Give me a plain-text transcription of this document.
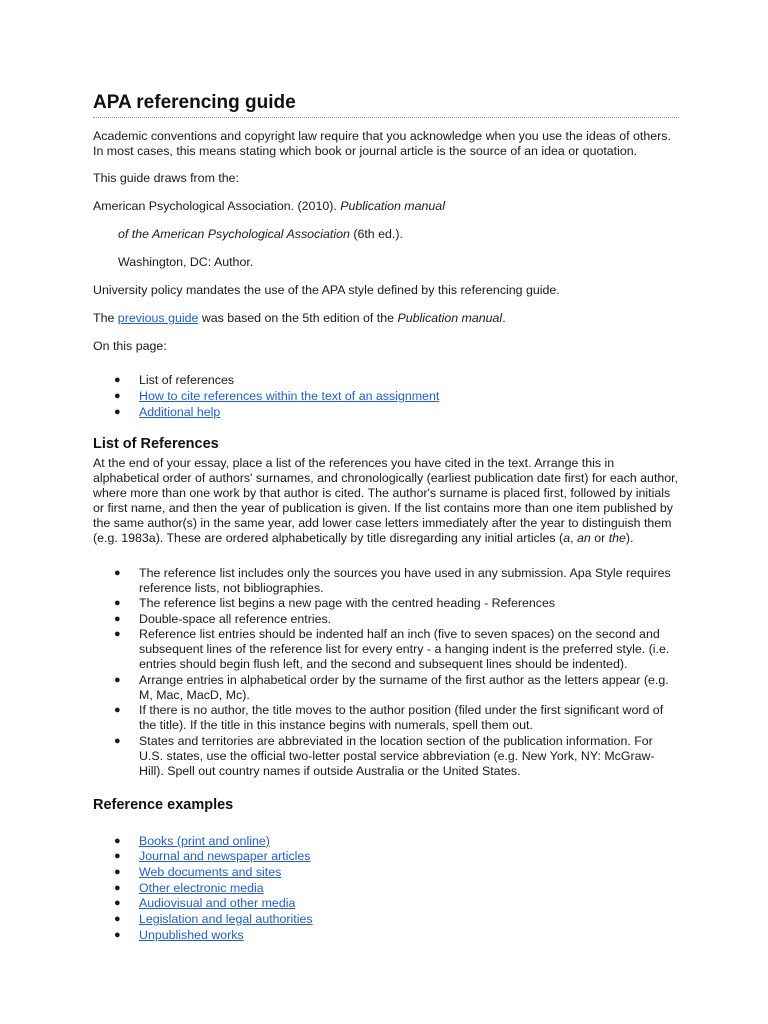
APA referencing guide

Academic conventions and copyright law require that you acknowledge when you use the ideas of others. In most cases, this means stating which book or journal article is the source of an idea or quotation.

This guide draws from the:

American Psychological Association. (2010). Publication manual

of the American Psychological Association (6th ed.).

Washington, DC: Author.

University policy mandates the use of the APA style defined by this referencing guide.

The previous guide was based on the 5th edition of the Publication manual.

On this page:

● List of references
● How to cite references within the text of an assignment
● Additional help
List of References

At the end of your essay, place a list of the references you have cited in the text. Arrange this in alphabetical order of authors' surnames, and chronologically (earliest publication date first) for each author, where more than one work by that author is cited. The author's surname is placed first, followed by initials or first name, and then the year of publication is given. If the list contains more than one item published by the same author(s) in the same year, add lower case letters immediately after the year to distinguish them (e.g. 1983a). These are ordered alphabetically by title disregarding any initial articles (a, an or the).

● The reference list includes only the sources you have used in any submission. Apa Style requires reference lists, not bibliographies.
● The reference list begins a new page with the centred heading - References
● Double-space all reference entries.
● Reference list entries should be indented half an inch (five to seven spaces) on the second and subsequent lines of the reference list for every entry - a hanging indent is the preferred style. (i.e. entries should begin flush left, and the second and subsequent lines should be indented).
● Arrange entries in alphabetical order by the surname of the first author as the letters appear (e.g. M, Mac, MacD, Mc).
● If there is no author, the title moves to the author position (filed under the first significant word of the title). If the title in this instance begins with numerals, spell them out.
● States and territories are abbreviated in the location section of the publication information. For U.S. states, use the official two-letter postal service abbreviation (e.g. New York, NY: McGraw-Hill). Spell out country names if outside Australia or the United States.
Reference examples
● Books (print and online)
● Journal and newspaper articles
● Web documents and sites
● Other electronic media
● Audiovisual and other media
● Legislation and legal authorities
● Unpublished works
